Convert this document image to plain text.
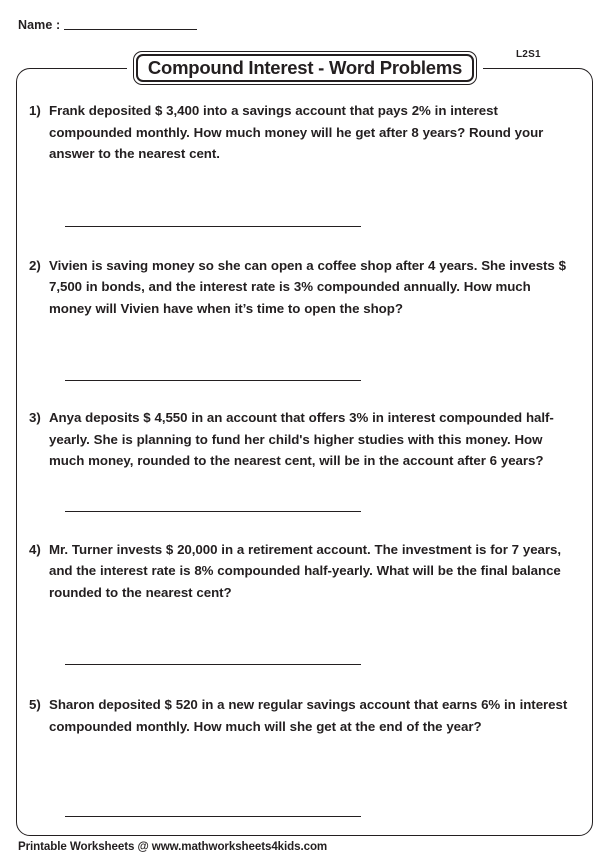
Name :
Compound Interest - Word Problems
L2S1
1) Frank deposited $ 3,400 into a savings account that pays 2% in interest compounded monthly. How much money will he get after 8 years? Round your answer to the nearest cent.
2) Vivien is saving money so she can open a coffee shop after 4 years. She invests $ 7,500 in bonds, and the interest rate is 3% compounded annually. How much money will Vivien have when it’s time to open the shop?
3) Anya deposits $ 4,550 in an account that offers 3% in interest compounded half-yearly. She is planning to fund her child's higher studies with this money. How much money, rounded to the nearest cent, will be in the account after 6 years?
4) Mr. Turner invests $ 20,000 in a retirement account. The investment is for 7 years, and the interest rate is 8% compounded half-yearly. What will be the final balance rounded to the nearest cent?
5) Sharon deposited $ 520 in a new regular savings account that earns 6% in interest compounded monthly. How much will she get at the end of the year?
Printable Worksheets @ www.mathworksheets4kids.com
